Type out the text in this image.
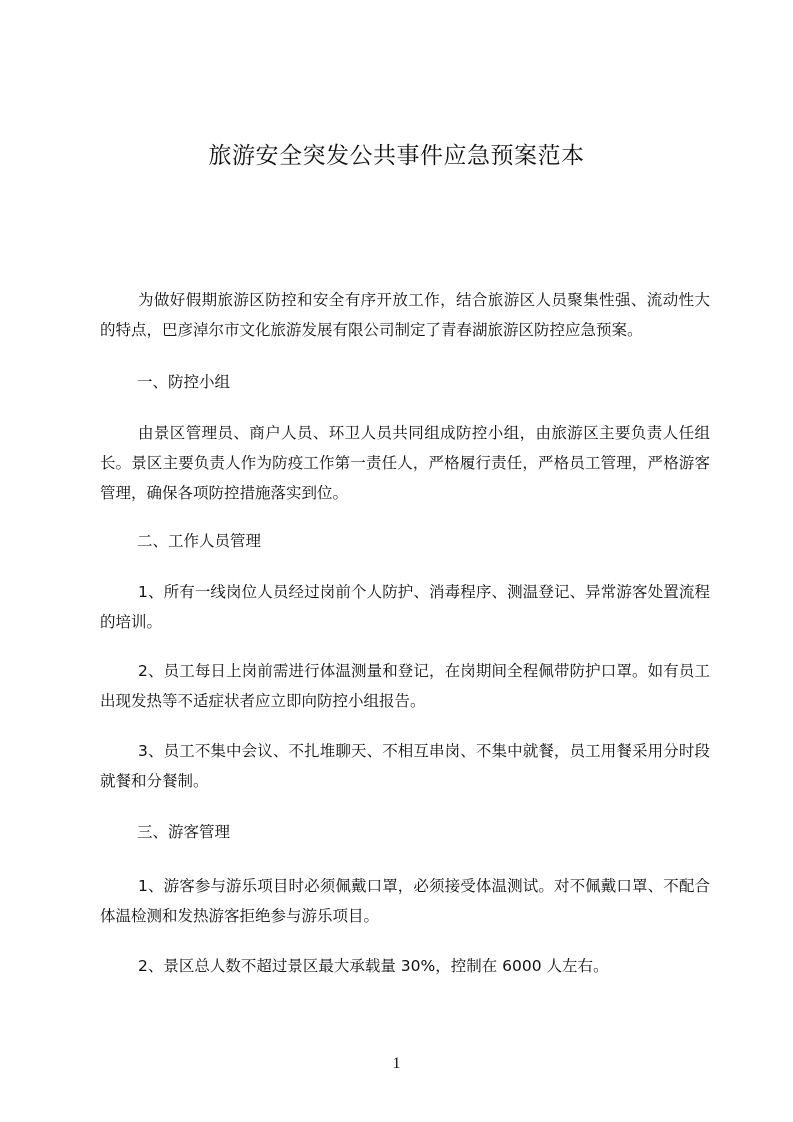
旅游安全突发公共事件应急预案范本

为做好假期旅游区防控和安全有序开放工作，结合旅游区人员聚集性强、流动性大的特点，巴彦淖尔市文化旅游发展有限公司制定了青春湖旅游区防控应急预案。

一、防控小组

由景区管理员、商户人员、环卫人员共同组成防控小组，由旅游区主要负责人任组长。景区主要负责人作为防疫工作第一责任人，严格履行责任，严格员工管理，严格游客管理，确保各项防控措施落实到位。

二、工作人员管理

1、所有一线岗位人员经过岗前个人防护、消毒程序、测温登记、异常游客处置流程的培训。

2、员工每日上岗前需进行体温测量和登记，在岗期间全程佩带防护口罩。如有员工出现发热等不适症状者应立即向防控小组报告。

3、员工不集中会议、不扎堆聊天、不相互串岗、不集中就餐，员工用餐采用分时段就餐和分餐制。

三、游客管理

1、游客参与游乐项目时必须佩戴口罩，必须接受体温测试。对不佩戴口罩、不配合体温检测和发热游客拒绝参与游乐项目。

2、景区总人数不超过景区最大承载量 30%，控制在 6000 人左右。

1
